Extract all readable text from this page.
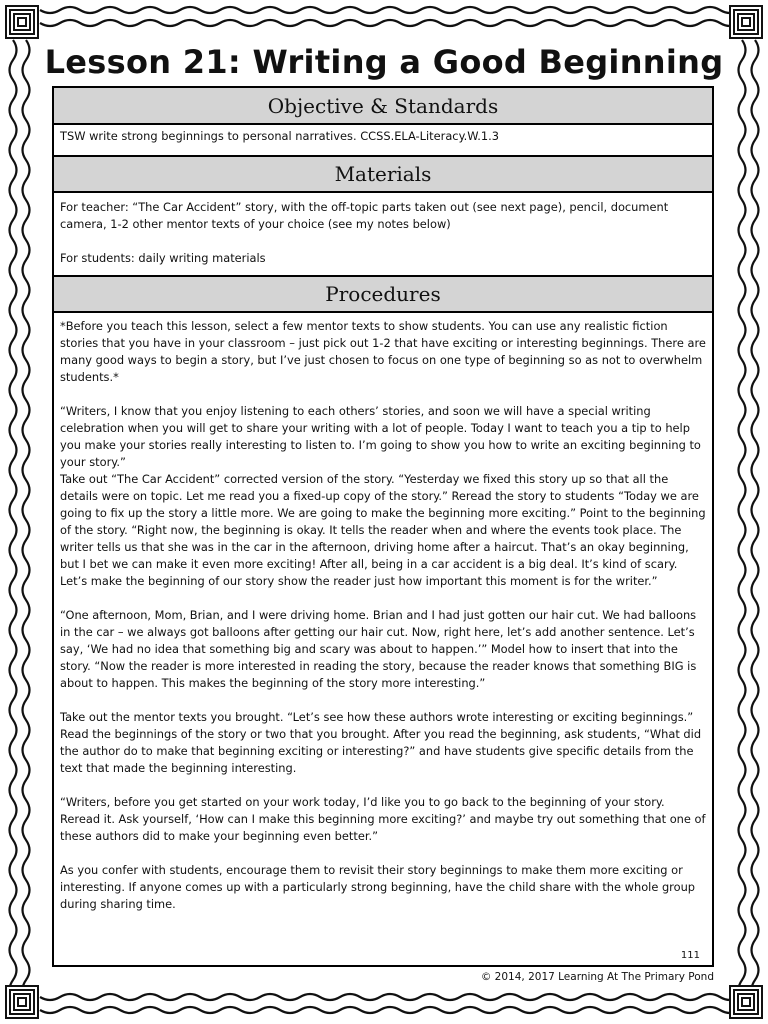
Lesson 21: Writing a Good Beginning
Objective & Standards
TSW write strong beginnings to personal narratives. CCSS.ELA-Literacy.W.1.3
Materials
For teacher: “The Car Accident” story, with the off-topic parts taken out (see next page), pencil, document camera, 1-2 other mentor texts of your choice (see my notes below)
For students: daily writing materials
Procedures
*Before you teach this lesson, select a few mentor texts to show students. You can use any realistic fiction stories that you have in your classroom – just pick out 1-2 that have exciting or interesting beginnings. There are many good ways to begin a story, but I’ve just chosen to focus on one type of beginning so as not to overwhelm students.*
“Writers, I know that you enjoy listening to each others’ stories, and soon we will have a special writing celebration when you will get to share your writing with a lot of people. Today I want to teach you a tip to help you make your stories really interesting to listen to. I’m going to show you how to write an exciting beginning to your story.”
Take out “The Car Accident” corrected version of the story. “Yesterday we fixed this story up so that all the details were on topic. Let me read you a fixed-up copy of the story.” Reread the story to students “Today we are going to fix up the story a little more. We are going to make the beginning more exciting.” Point to the beginning of the story. “Right now, the beginning is okay. It tells the reader when and where the events took place. The writer tells us that she was in the car in the afternoon, driving home after a haircut. That’s an okay beginning, but I bet we can make it even more exciting! After all, being in a car accident is a big deal. It’s kind of scary. Let’s make the beginning of our story show the reader just how important this moment is for the writer.”
“One afternoon, Mom, Brian, and I were driving home. Brian and I had just gotten our hair cut. We had balloons in the car – we always got balloons after getting our hair cut. Now, right here, let’s add another sentence. Let’s say, ‘We had no idea that something big and scary was about to happen.’” Model how to insert that into the story. “Now the reader is more interested in reading the story, because the reader knows that something BIG is about to happen. This makes the beginning of the story more interesting.”
Take out the mentor texts you brought. “Let’s see how these authors wrote interesting or exciting beginnings.” Read the beginnings of the story or two that you brought. After you read the beginning, ask students, “What did the author do to make that beginning exciting or interesting?” and have students give specific details from the text that made the beginning interesting.
“Writers, before you get started on your work today, I’d like you to go back to the beginning of your story. Reread it. Ask yourself, ‘How can I make this beginning more exciting?’ and maybe try out something that one of these authors did to make your beginning even better.”
As you confer with students, encourage them to revisit their story beginnings to make them more exciting or interesting. If anyone comes up with a particularly strong beginning, have the child share with the whole group during sharing time.
111
© 2014, 2017 Learning At The Primary Pond
